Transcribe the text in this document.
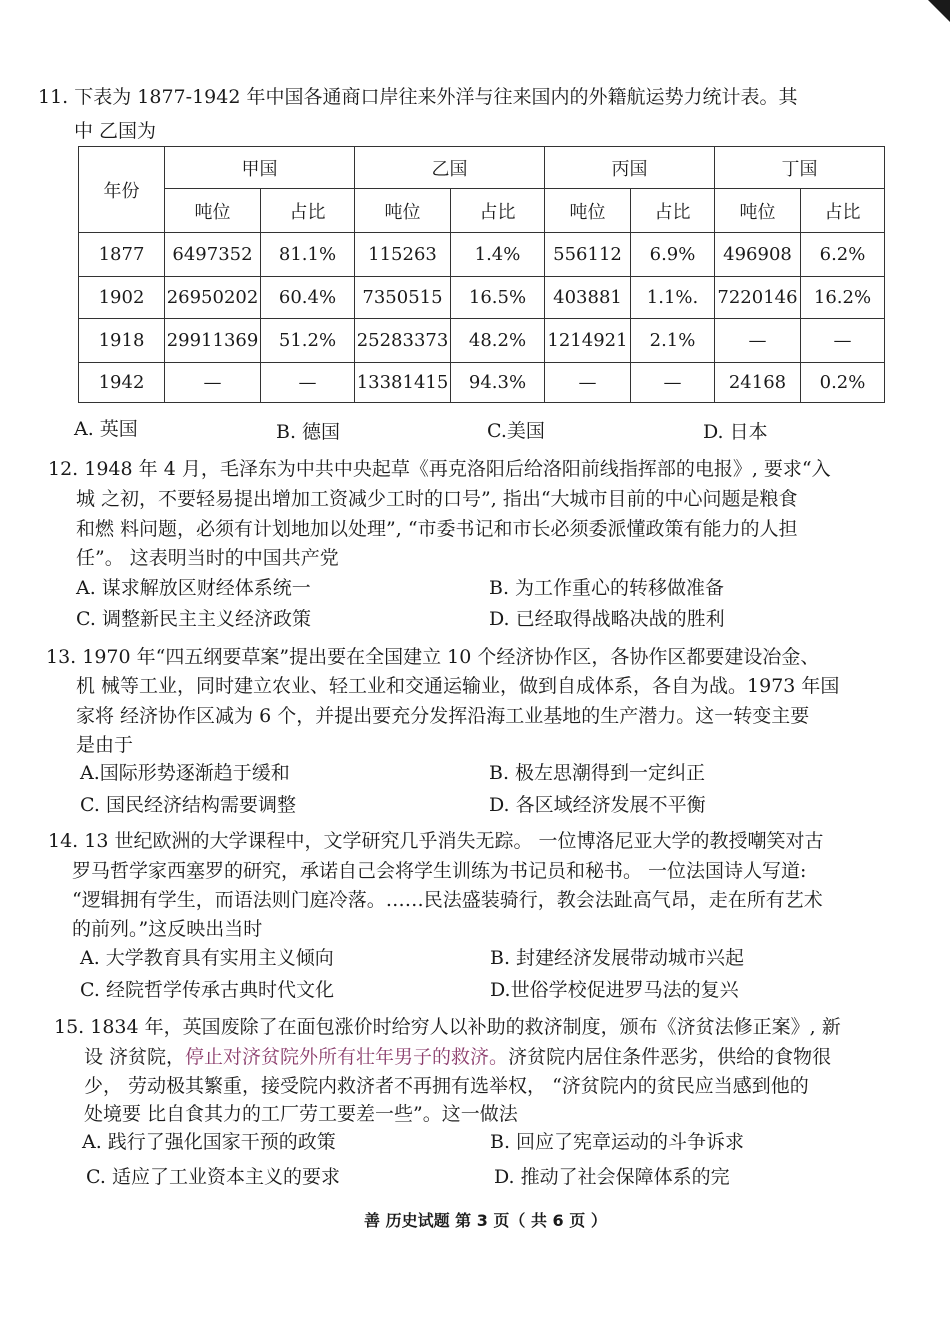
11. 下表为 1877-1942 年中国各通商口岸往来外洋与往来国内的外籍航运势力统计表。其
中 乙国为
年份	甲国		乙国		丙国		丁国	
	吨位	占比	吨位	占比	吨位	占比	吨位	占比
1877	6497352	81.1%	115263	1.4%	556112	6.9%	496908	6.2%
1902	26950202	60.4%	7350515	16.5%	403881	1.1%.	7220146	16.2%
1918	29911369	51.2%	25283373	48.2%	1214921	2.1%	—	—
1942	—	—	13381415	94.3%	—	—	24168	0.2%
A. 英国	B. 德国	C.美国	D. 日本
12. 1948 年 4 月，毛泽东为中共中央起草《再克洛阳后给洛阳前线指挥部的电报》, 要求“入
城 之初，不要轻易提出增加工资减少工时的口号”, 指出“大城市目前的中心问题是粮食
和燃 料问题，必须有计划地加以处理”, “市委书记和市长必须委派懂政策有能力的人担
任”。 这表明当时的中国共产党
A. 谋求解放区财经体系统一	B. 为工作重心的转移做准备
C. 调整新民主主义经济政策	D. 已经取得战略决战的胜利
13. 1970 年“四五纲要草案”提出要在全国建立 10 个经济协作区，各协作区都要建设冶金、
机 械等工业，同时建立农业、轻工业和交通运输业，做到自成体系，各自为战。1973 年国
家将 经济协作区减为 6 个，并提出要充分发挥沿海工业基地的生产潜力。这一转变主要
是由于
A.国际形势逐渐趋于缓和	B. 极左思潮得到一定纠正
C. 国民经济结构需要调整	D. 各区域经济发展不平衡
14. 13 世纪欧洲的大学课程中，文学研究几乎消失无踪。 一位博洛尼亚大学的教授嘲笑对古
罗马哲学家西塞罗的研究，承诺自己会将学生训练为书记员和秘书。 一位法国诗人写道:
“逻辑拥有学生，而语法则门庭冷落。……民法盛装骑行，教会法趾高气昂，走在所有艺术
的前列。”这反映出当时
A. 大学教育具有实用主义倾向	B. 封建经济发展带动城市兴起
C. 经院哲学传承古典时代文化	D.世俗学校促进罗马法的复兴
15. 1834 年，英国废除了在面包涨价时给穷人以补助的救济制度，颁布《济贫法修正案》, 新
设 济贫院，停止对济贫院外所有壮年男子的救济。济贫院内居住条件恶劣，供给的食物很
少， 劳动极其繁重，接受院内救济者不再拥有选举权， “济贫院内的贫民应当感到他的
处境要 比自食其力的工厂劳工要差一些”。这一做法
A. 践行了强化国家干预的政策	B. 回应了宪章运动的斗争诉求
C. 适应了工业资本主义的要求	D. 推动了社会保障体系的完
善 历史试题 第 3 页（ 共 6 页 ）
